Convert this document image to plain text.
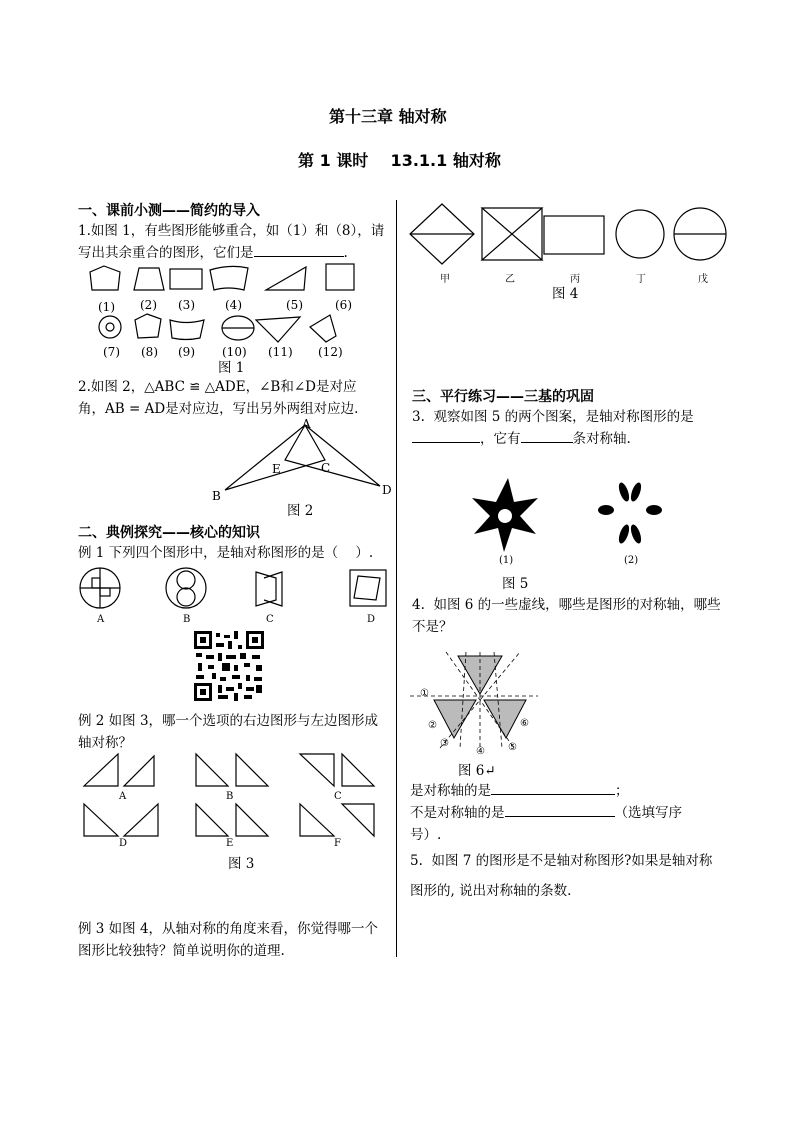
第十三章 轴对称
第 1 课时    13.1.1 轴对称
一、课前小测——简约的导入
1.如图 1，有些图形能够重合，如（1）和（8），请
写出其余重合的图形，它们是	.
(1) (2) (3)	(4)	(5)	(6)
(7) (8) (9) (10) (11) (12)
图 1
2.如图 2，△ABC ≌ △ADE，∠B和∠D是对应
角，AB = AD是对应边，写出另外两组对应边.
A
B
C
D
E
图 2
二、典例探究——核心的知识
例 1 下列四个图形中，是轴对称图形的是（    ）.
A	B	C	D
例 2 如图 3，哪一个选项的右边图形与左边图形成
轴对称？
A	B	C
D	E	F
图 3
例 3 如图 4，从轴对称的角度来看，你觉得哪一个
图形比较独特？简单说明你的道理.
甲	乙	丙	丁	戊
图 4
三、平行练习——三基的巩固
3.  观察如图 5 的两个图案，是轴对称图形的是
，它有	条对称轴.
(1)	(2)
图 5
4.  如图 6 的一些虚线，哪些是图形的对称轴，哪些
不是？
①
②
③
④ ⑤
⑥
图 6↵
是对称轴的是	；
不是对称轴的是	（选填写序
号）.
5.  如图 7 的图形是不是轴对称图形?如果是轴对称
图形的, 说出对称轴的条数.
